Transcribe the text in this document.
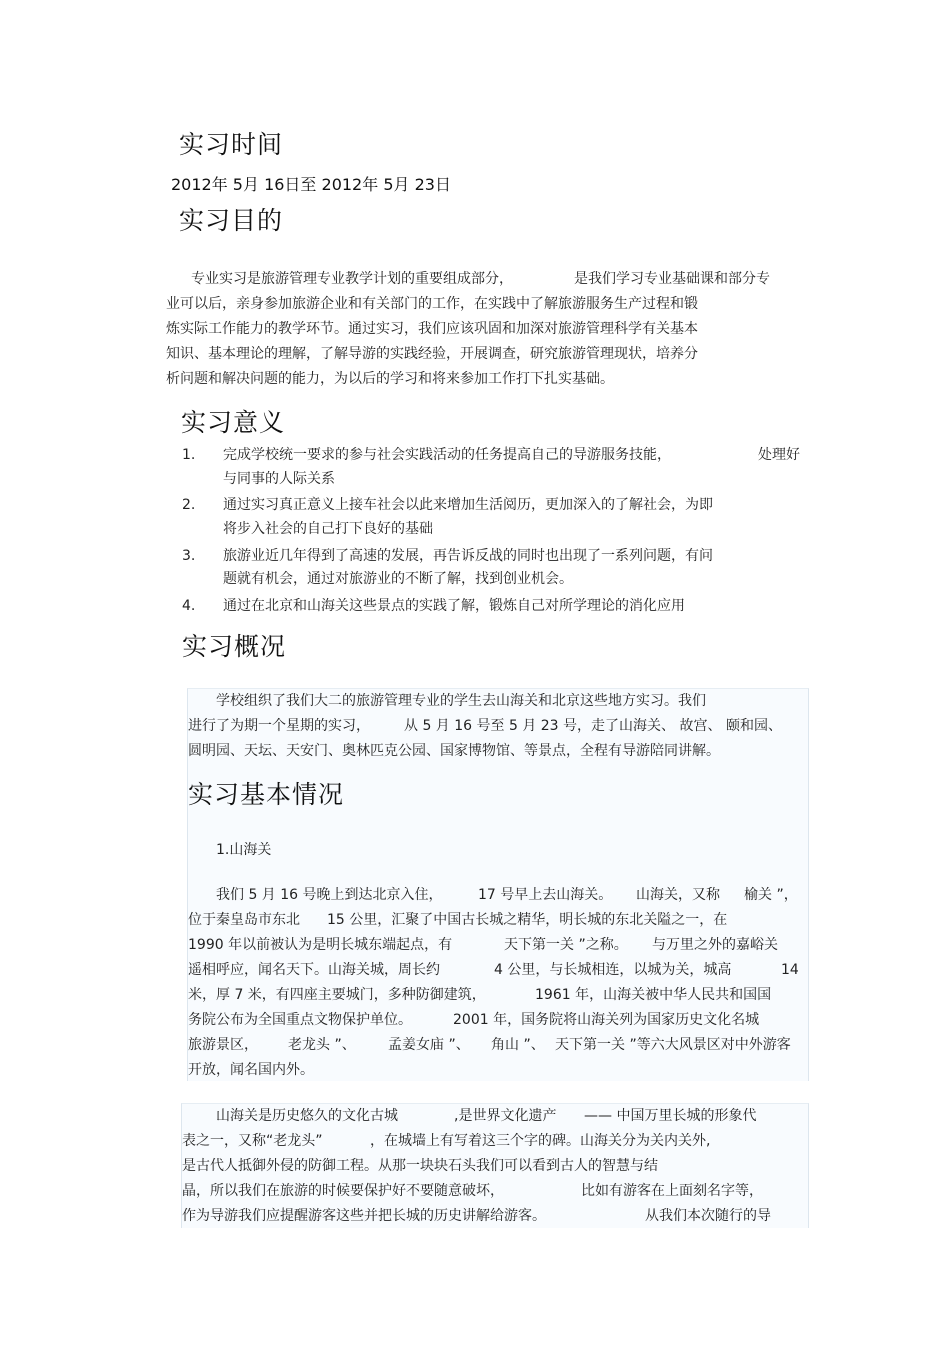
实习时间
2012年 5月 16日至 2012年 5月 23日
实习目的
专业实习是旅游管理专业教学计划的重要组成部分，	是我们学习专业基础课和部分专
业可以后，亲身参加旅游企业和有关部门的工作，在实践中了解旅游服务生产过程和锻
炼实际工作能力的教学环节。通过实习，我们应该巩固和加深对旅游管理科学有关基本
知识、基本理论的理解，了解导游的实践经验，开展调查，研究旅游管理现状，培养分
析问题和解决问题的能力，为以后的学习和将来参加工作打下扎实基础。
实习意义
1. 完成学校统一要求的参与社会实践活动的任务提高自己的导游服务技能，	处理好
与同事的人际关系
2. 通过实习真正意义上接车社会以此来增加生活阅历，更加深入的了解社会，为即
将步入社会的自己打下良好的基础
3. 旅游业近几年得到了高速的发展，再告诉反战的同时也出现了一系列问题，有问
题就有机会，通过对旅游业的不断了解，找到创业机会。
4. 通过在北京和山海关这些景点的实践了解，锻炼自己对所学理论的消化应用
实习概况
学校组织了我们大二的旅游管理专业的学生去山海关和北京这些地方实习。我们
进行了为期一个星期的实习， 从 5 月 16 号至 5 月 23 号，走了山海关、 故宫、 颐和园、
圆明园、天坛、天安门、奥林匹克公园、国家博物馆、等景点，全程有导游陪同讲解。
实习基本情况
1.山海关
我们 5 月 16 号晚上到达北京入住，	17 号早上去山海关。 山海关，又称 榆关 ”，
位于秦皇岛市东北 15 公里，汇聚了中国古长城之精华，明长城的东北关隘之一，在
1990 年以前被认为是明长城东端起点，有	天下第一关 ”之称。 与万里之外的嘉峪关
遥相呼应，闻名天下。山海关城，周长约	4 公里，与长城相连，以城为关，城高	14
米，厚 7 米，有四座主要城门，多种防御建筑，	1961 年，山海关被中华人民共和国国
务院公布为全国重点文物保护单位。	2001 年，国务院将山海关列为国家历史文化名城
旅游景区， 老龙头 ”、 孟姜女庙 ”、 角山 ”、 天下第一关 ”等六大风景区对中外游客
开放，闻名国内外。
山海关是历史悠久的文化古城	,是世界文化遗产 —— 中国万里长城的形象代
表之一，又称“老龙头”	，在城墙上有写着这三个字的碑。山海关分为关内关外,
是古代人抵御外侵的防御工程。从那一块块石头我们可以看到古人的智慧与结
晶，所以我们在旅游的时候要保护好不要随意破坏，	比如有游客在上面刻名字等，
作为导游我们应提醒游客这些并把长城的历史讲解给游客。	从我们本次随行的导
